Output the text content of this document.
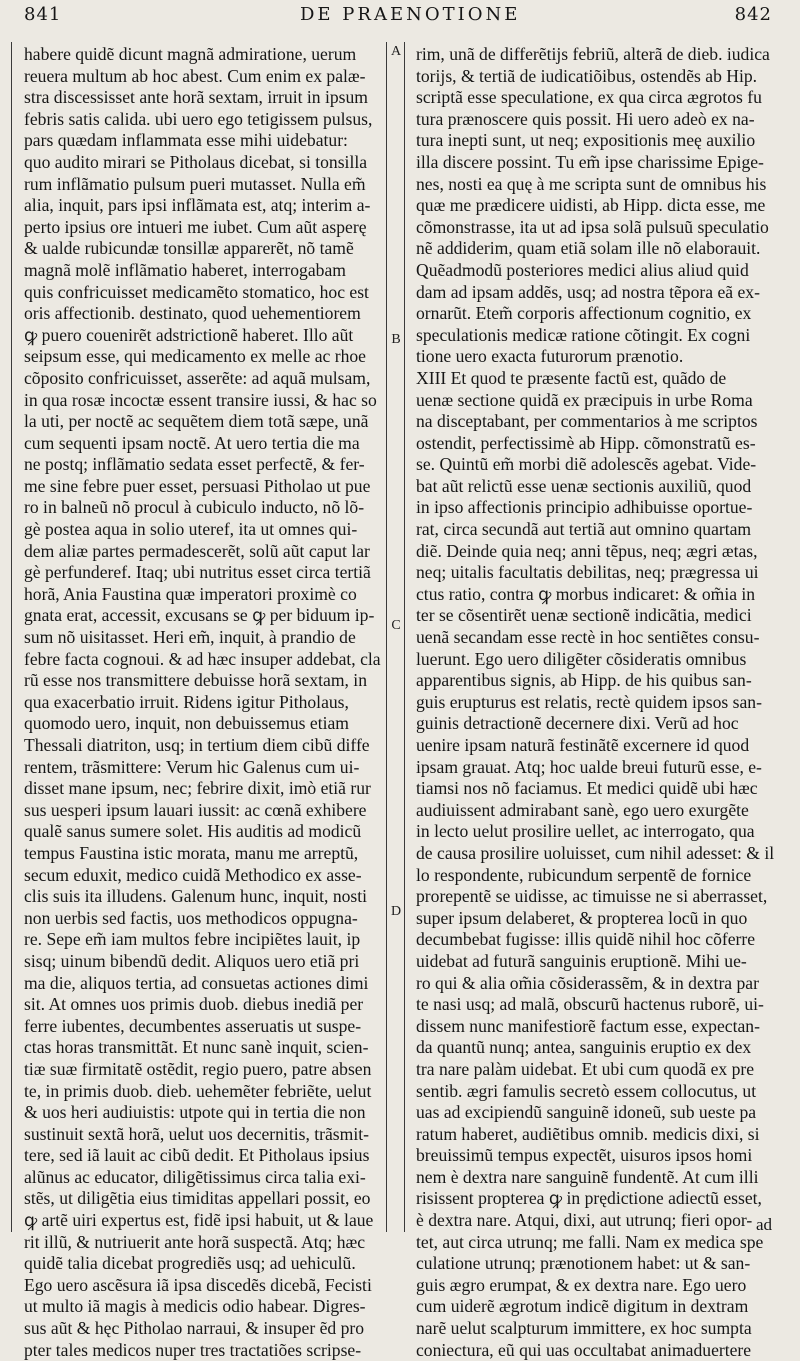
841	DE PRAENOTIONE	842
A
B
C
D
habere quidẽ dicunt magnã admiratione, uerum
reuera multum ab hoc abest. Cum enim ex palæ-
stra discessisset ante horã sextam, irruit in ipsum
febris satis calida. ubi uero ego tetigissem pulsus,
pars quædam inflammata esse mihi uidebatur:
quo audito mirari se Pitholaus dicebat, si tonsilla
rum inflãmatio pulsum pueri mutasset. Nulla em̃
alia, inquit, pars ipsi inflãmata est, atq; interim a-
perto ipsius ore intueri me iubet. Cum aũt asperę
& ualde rubicundæ tonsillæ apparerẽt, nõ tamẽ
magnã molẽ inflãmatio haberet, interrogabam
quis confricuisset medicamẽto stomatico, hoc est
oris affectionib. destinato, quod uehementiorem
ꝙ puero couenirẽt adstrictionẽ haberet. Illo aũt
seipsum esse, qui medicamento ex melle ac rhoe
cõposito confricuisset, asserẽte: ad aquã mulsam,
in qua rosæ incoctæ essent transire iussi, & hac so
la uti, per noctẽ ac sequẽtem diem totã sæpe, unã
cum sequenti ipsam noctẽ. At uero tertia die ma
ne postq; inflãmatio sedata esset perfectẽ, & fer-
me sine febre puer esset, persuasi Pitholao ut pue
ro in balneũ nõ procul à cubiculo inducto, nõ lõ-
gè postea aqua in solio uteref, ita ut omnes qui-
dem aliæ partes permadescerẽt, solũ aũt caput lar
gè perfunderef. Itaq; ubi nutritus esset circa tertiã
horã, Ania Faustina quæ imperatori proximè co
gnata erat, accessit, excusans se ꝙ per biduum ip-
sum nõ uisitasset. Heri em̃, inquit, à prandio de
febre facta cognoui. & ad hæc insuper addebat, cla
rũ esse nos transmittere debuisse horã sextam, in
qua exacerbatio irruit. Ridens igitur Pitholaus,
quomodo uero, inquit, non debuissemus etiam
Thessali diatriton, usq; in tertium diem cibũ diffe
rentem, trãsmittere: Verum hic Galenus cum ui-
disset mane ipsum, nec; febrire dixit, imò etiã rur
sus uesperi ipsum lauari iussit: ac cœnã exhibere
qualẽ sanus sumere solet. His auditis ad modicũ
tempus Faustina istic morata, manu me arreptũ,
secum eduxit, medico cuidã Methodico ex asse-
clis suis ita illudens. Galenum hunc, inquit, nosti
non uerbis sed factis, uos methodicos oppugna-
re. Sepe em̃ iam multos febre incipiẽtes lauit, ip
sisq; uinum bibendũ dedit. Aliquos uero etiã pri
ma die, aliquos tertia, ad consuetas actiones dimi
sit. At omnes uos primis duob. diebus inediã per
ferre iubentes, decumbentes asseruatis ut suspe-
ctas horas transmittãt. Et nunc sanè inquit, scien-
tiæ suæ firmitatẽ ostẽdit, regio puero, patre absen
te, in primis duob. dieb. uehemẽter febriẽte, uelut
& uos heri audiuistis: utpote qui in tertia die non
sustinuit sextã horã, uelut uos decernitis, trãsmit-
tere, sed iã lauit ac cibũ dedit. Et Pitholaus ipsius
alũnus ac educator, diligẽtissimus circa talia exi-
stẽs, ut diligẽtia eius timiditas appellari possit, eo
ꝙ artẽ uiri expertus est, fidẽ ipsi habuit, ut & laue
rit illũ, & nutriuerit ante horã suspectã. Atq; hæc
quidẽ talia dicebat progrediẽs usq; ad uehiculũ.
Ego uero ascẽsura iã ipsa discedẽs dicebã, Fecisti
ut multo iã magis à medicis odio habear. Digres-
sus aũt & hęc Pitholao narraui, & insuper ẽd pro
pter tales medicos nuper tres tractatiões scripse-
rim, unã de differẽtijs febriũ, alterã de dieb. iudica
torijs, & tertiã de iudicatiõibus, ostendẽs ab Hip.
scriptã esse speculatione, ex qua circa ægrotos fu
tura prænoscere quis possit. Hi uero adeò ex na-
tura inepti sunt, ut neq; expositionis meę auxilio
illa discere possint. Tu em̃ ipse charissime Epige-
nes, nosti ea quę à me scripta sunt de omnibus his
quæ me prædicere uidisti, ab Hipp. dicta esse, me
cõmonstrasse, ita ut ad ipsa solã pulsuũ speculatio
nẽ addiderim, quam etiã solam ille nõ elaborauit.
Quẽadmodũ posteriores medici alius aliud quid
dam ad ipsam addẽs, usq; ad nostra tẽpora eã ex-
ornarũt. Etem̃ corporis affectionum cognitio, ex
speculationis medicæ ratione cõtingit. Ex cogni
tione uero exacta futurorum prænotio.
XIII Et quod te præsente factũ est, quãdo de
uenæ sectione quidã ex præcipuis in urbe Roma
na disceptabant, per commentarios à me scriptos
ostendit, perfectissimè ab Hipp. cõmonstratũ es-
se. Quintũ em̃ morbi diẽ adolescẽs agebat. Vide-
bat aũt relictũ esse uenæ sectionis auxiliũ, quod
in ipso affectionis principio adhibuisse oportue-
rat, circa secundã aut tertiã aut omnino quartam
diẽ. Deinde quia neq; anni tẽpus, neq; ægri ætas,
neq; uitalis facultatis debilitas, neq; prægressa ui
ctus ratio, contra ꝙ morbus indicaret: & om̃ia in
ter se cõsentirẽt uenæ sectionẽ indicãtia, medici
uenã secandam esse rectè in hoc sentiẽtes consu-
luerunt. Ego uero diligẽter cõsideratis omnibus
apparentibus signis, ab Hipp. de his quibus san-
guis erupturus est relatis, rectè quidem ipsos san-
guinis detractionẽ decernere dixi. Verũ ad hoc
uenire ipsam naturã festinãtẽ excernere id quod
ipsam grauat. Atq; hoc ualde breui futurũ esse, e-
tiamsi nos nõ faciamus. Et medici quidẽ ubi hæc
audiuissent admirabant sanè, ego uero exurgẽte
in lecto uelut prosilire uellet, ac interrogato, qua
de causa prosilire uoluisset, cum nihil adesset: & il
lo respondente, rubicundum serpentẽ de fornice
prorepentẽ se uidisse, ac timuisse ne si aberrasset,
super ipsum delaberet, & propterea locũ in quo
decumbebat fugisse: illis quidẽ nihil hoc cõferre
uidebat ad futurã sanguinis eruptionẽ. Mihi ue-
ro qui & alia om̃ia cõsiderassẽm, & in dextra par
te nasi usq; ad malã, obscurũ hactenus ruborẽ, ui-
dissem nunc manifestiorẽ factum esse, expectan-
da quantũ nunq; antea, sanguinis eruptio ex dex
tra nare palàm uidebat. Et ubi cum quodã ex pre
sentib. ægri famulis secretò essem collocutus, ut
uas ad excipiendũ sanguinẽ idoneũ, sub ueste pa
ratum haberet, audiẽtibus omnib. medicis dixi, si
breuissimũ tempus expectẽt, uisuros ipsos homi
nem è dextra nare sanguinẽ fundentẽ. At cum illi
risissent propterea ꝙ in prędictione adiectũ esset,
è dextra nare. Atqui, dixi, aut utrunq; fieri opor-
tet, aut circa utrunq; me falli. Nam ex medica spe
culatione utrunq; prænotionem habet: ut & san-
guis ægro erumpat, & ex dextra nare. Ego uero
cum uiderẽ ægrotum indicẽ digitum in dextram
narẽ uelut scalpturum immittere, ex hoc sumpta
coniectura, eũ qui uas occultabat animaduertere
ad
